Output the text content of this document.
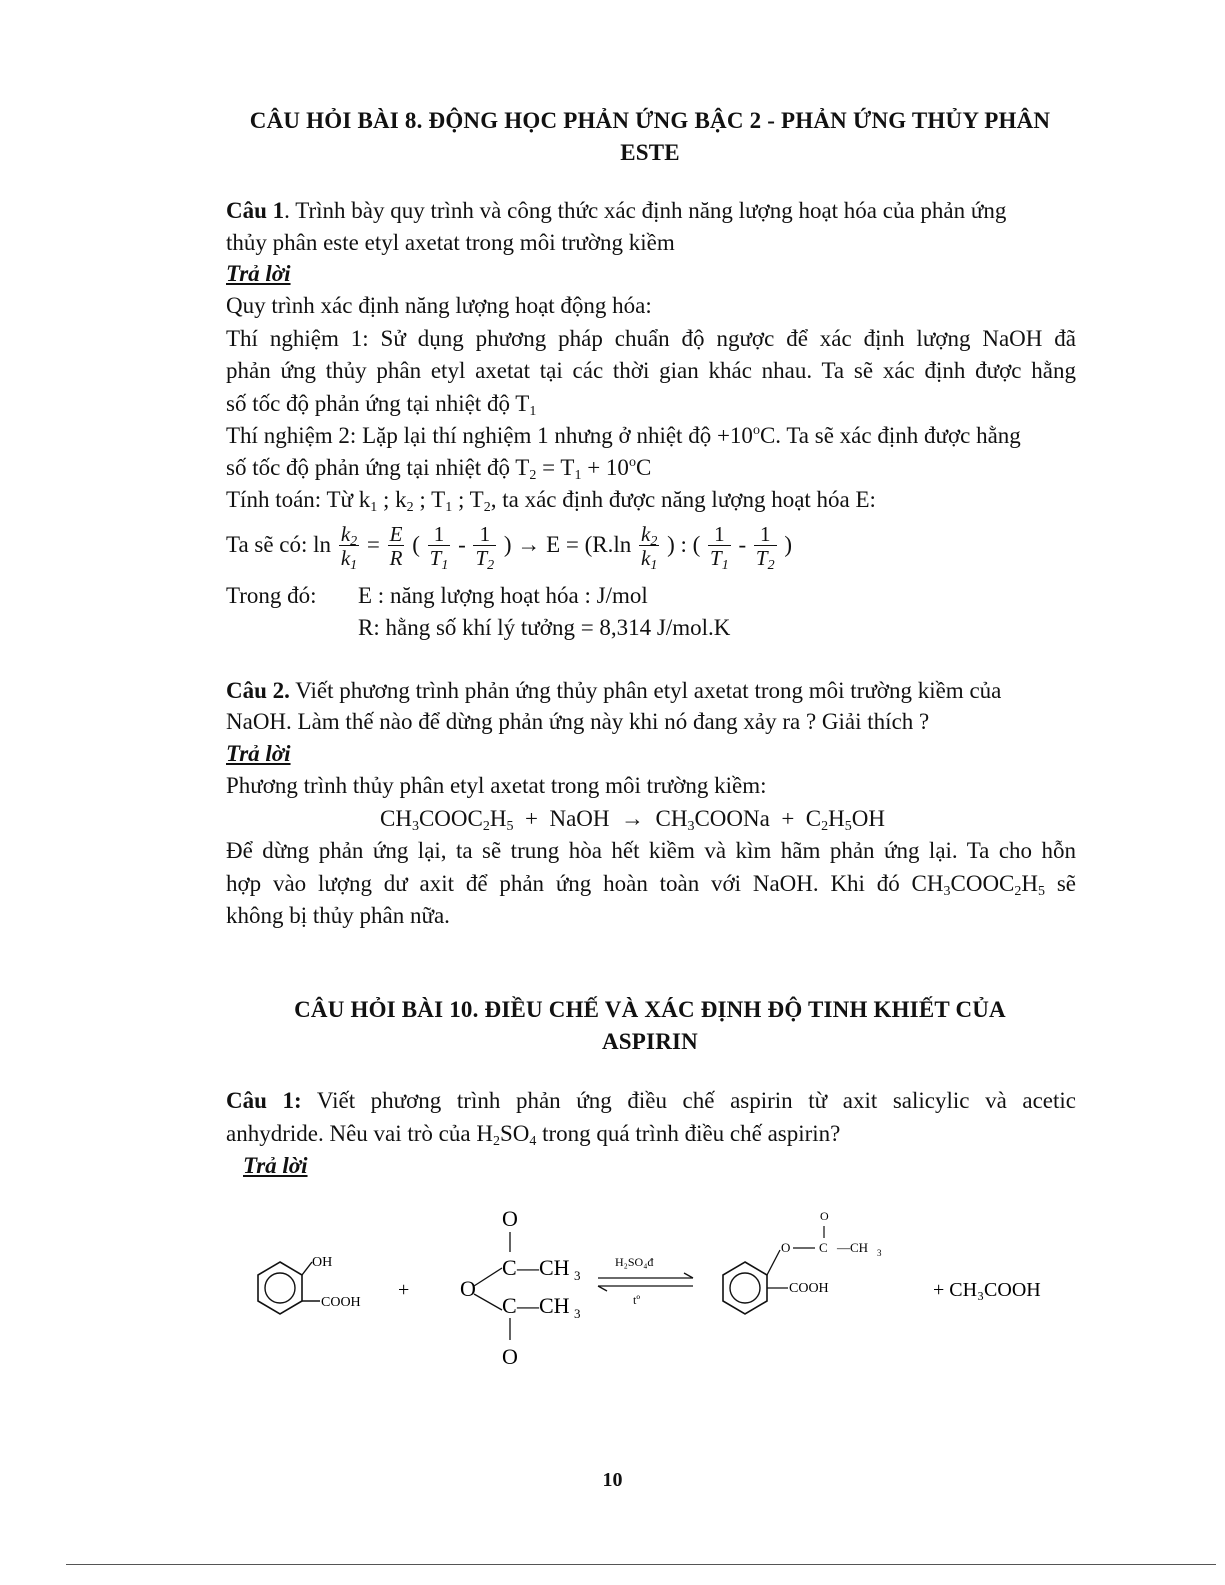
CÂU HỎI BÀI 8. ĐỘNG HỌC PHẢN ỨNG BẬC 2 - PHẢN ỨNG THỦY PHÂN
ESTE
Câu 1. Trình bày quy trình và công thức xác định năng lượng hoạt hóa của phản ứng
thủy phân este etyl axetat trong môi trường kiềm
Trả lời
Quy trình xác định năng lượng hoạt động hóa:
Thí nghiệm 1: Sử dụng phương pháp chuẩn độ ngược để xác định lượng NaOH đã
phản ứng thủy phân etyl axetat tại các thời gian khác nhau. Ta sẽ xác định được hằng
số tốc độ phản ứng tại nhiệt độ $T_1$
Thí nghiệm 2: Lặp lại thí nghiệm 1 nhưng ở nhiệt độ $+10^oC$. Ta sẽ xác định được hằng
số tốc độ phản ứng tại nhiệt độ $T_2 = T_1 + 10^oC$
Tính toán: Từ $k_1$ ; $k_2$ ; $T_1$ ; $T_2$, ta xác định được năng lượng hoạt hóa E:
Ta sẽ có: $\ln \frac{k_2}{k_1} = \frac{E}{R}$ ( $\frac{1}{T_1} - \frac{1}{T_2}$ ) → $E = (R.\ln \frac{k_2}{k_1}$ ) : ( $\frac{1}{T_1} - \frac{1}{T_2}$ )
Trong đó: E : năng lượng hoạt hóa : J/mol
R: hằng số khí lý tưởng = 8,314 J/mol.K
Câu 2. Viết phương trình phản ứng thủy phân etyl axetat trong môi trường kiềm của
NaOH. Làm thế nào để dừng phản ứng này khi nó đang xảy ra ? Giải thích ?
Trả lời
Phương trình thủy phân etyl axetat trong môi trường kiềm:
$CH_3COOC_2H_5$  +  NaOH  →  $CH_3COONa + C_2H_5OH$
Để dừng phản ứng lại, ta sẽ trung hòa hết kiềm và kìm hãm phản ứng lại. Ta cho hỗn
hợp vào lượng dư axit để phản ứng hoàn toàn với NaOH. Khi đó $CH_3COOC_2H_5$ sẽ
không bị thủy phân nữa.
CÂU HỎI BÀI 10. ĐIỀU CHẾ VÀ XÁC ĐỊNH ĐỘ TINH KHIẾT CỦA
ASPIRIN
Câu 1: Viết phương trình phản ứng điều chế aspirin từ axit salicylic và acetic
anhydride. Nêu vai trò của $H_2SO_4$ trong quá trình điều chế aspirin?
Trả lời
OH
COOH
+
O
C —CH 3
O
C —CH 3
O
H₂SO₄đ
tº
O C
O
—CH 3
COOH	+ CH₃COOH
10
